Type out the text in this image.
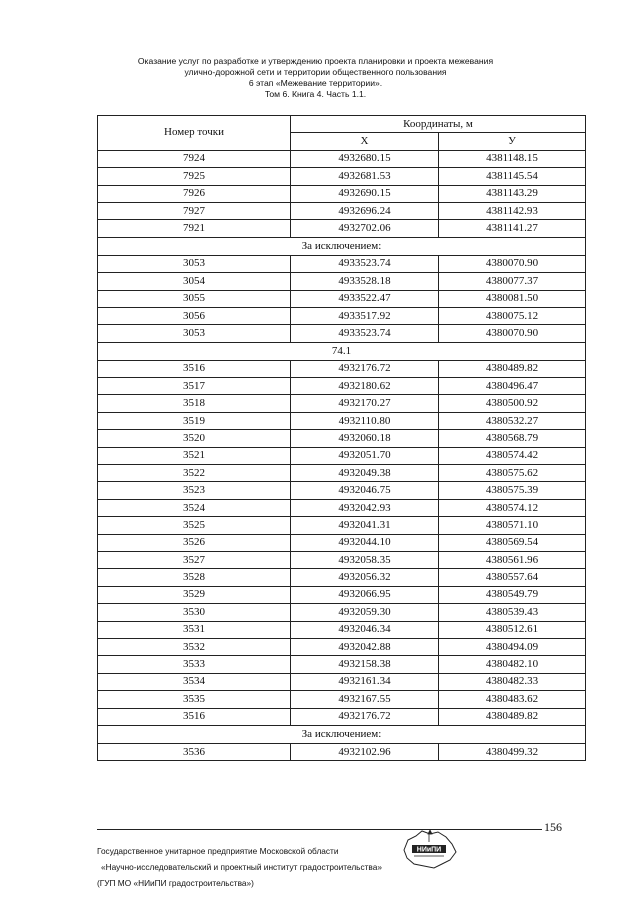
Оказание услуг по разработке и утверждению проекта планировки и проекта межевания
улично-дорожной сети и территории общественного пользования
6 этап «Межевание территории».
Том 6. Книга 4. Часть 1.1.
Номер точки	Координаты, м	
	X	У
7924	4932680.15	4381148.15
7925	4932681.53	4381145.54
7926	4932690.15	4381143.29
7927	4932696.24	4381142.93
7921	4932702.06	4381141.27
За исключением:		
3053	4933523.74	4380070.90
3054	4933528.18	4380077.37
3055	4933522.47	4380081.50
3056	4933517.92	4380075.12
3053	4933523.74	4380070.90
74.1		
3516	4932176.72	4380489.82
3517	4932180.62	4380496.47
3518	4932170.27	4380500.92
3519	4932110.80	4380532.27
3520	4932060.18	4380568.79
3521	4932051.70	4380574.42
3522	4932049.38	4380575.62
3523	4932046.75	4380575.39
3524	4932042.93	4380574.12
3525	4932041.31	4380571.10
3526	4932044.10	4380569.54
3527	4932058.35	4380561.96
3528	4932056.32	4380557.64
3529	4932066.95	4380549.79
3530	4932059.30	4380539.43
3531	4932046.34	4380512.61
3532	4932042.88	4380494.09
3533	4932158.38	4380482.10
3534	4932161.34	4380482.33
3535	4932167.55	4380483.62
3516	4932176.72	4380489.82
За исключением:		
3536	4932102.96	4380499.32
156
Государственное унитарное предприятие Московской области
«Научно-исследовательский и проектный институт градостроительства»
(ГУП МО «НИиПИ градостроительства»)
НИиПИ
